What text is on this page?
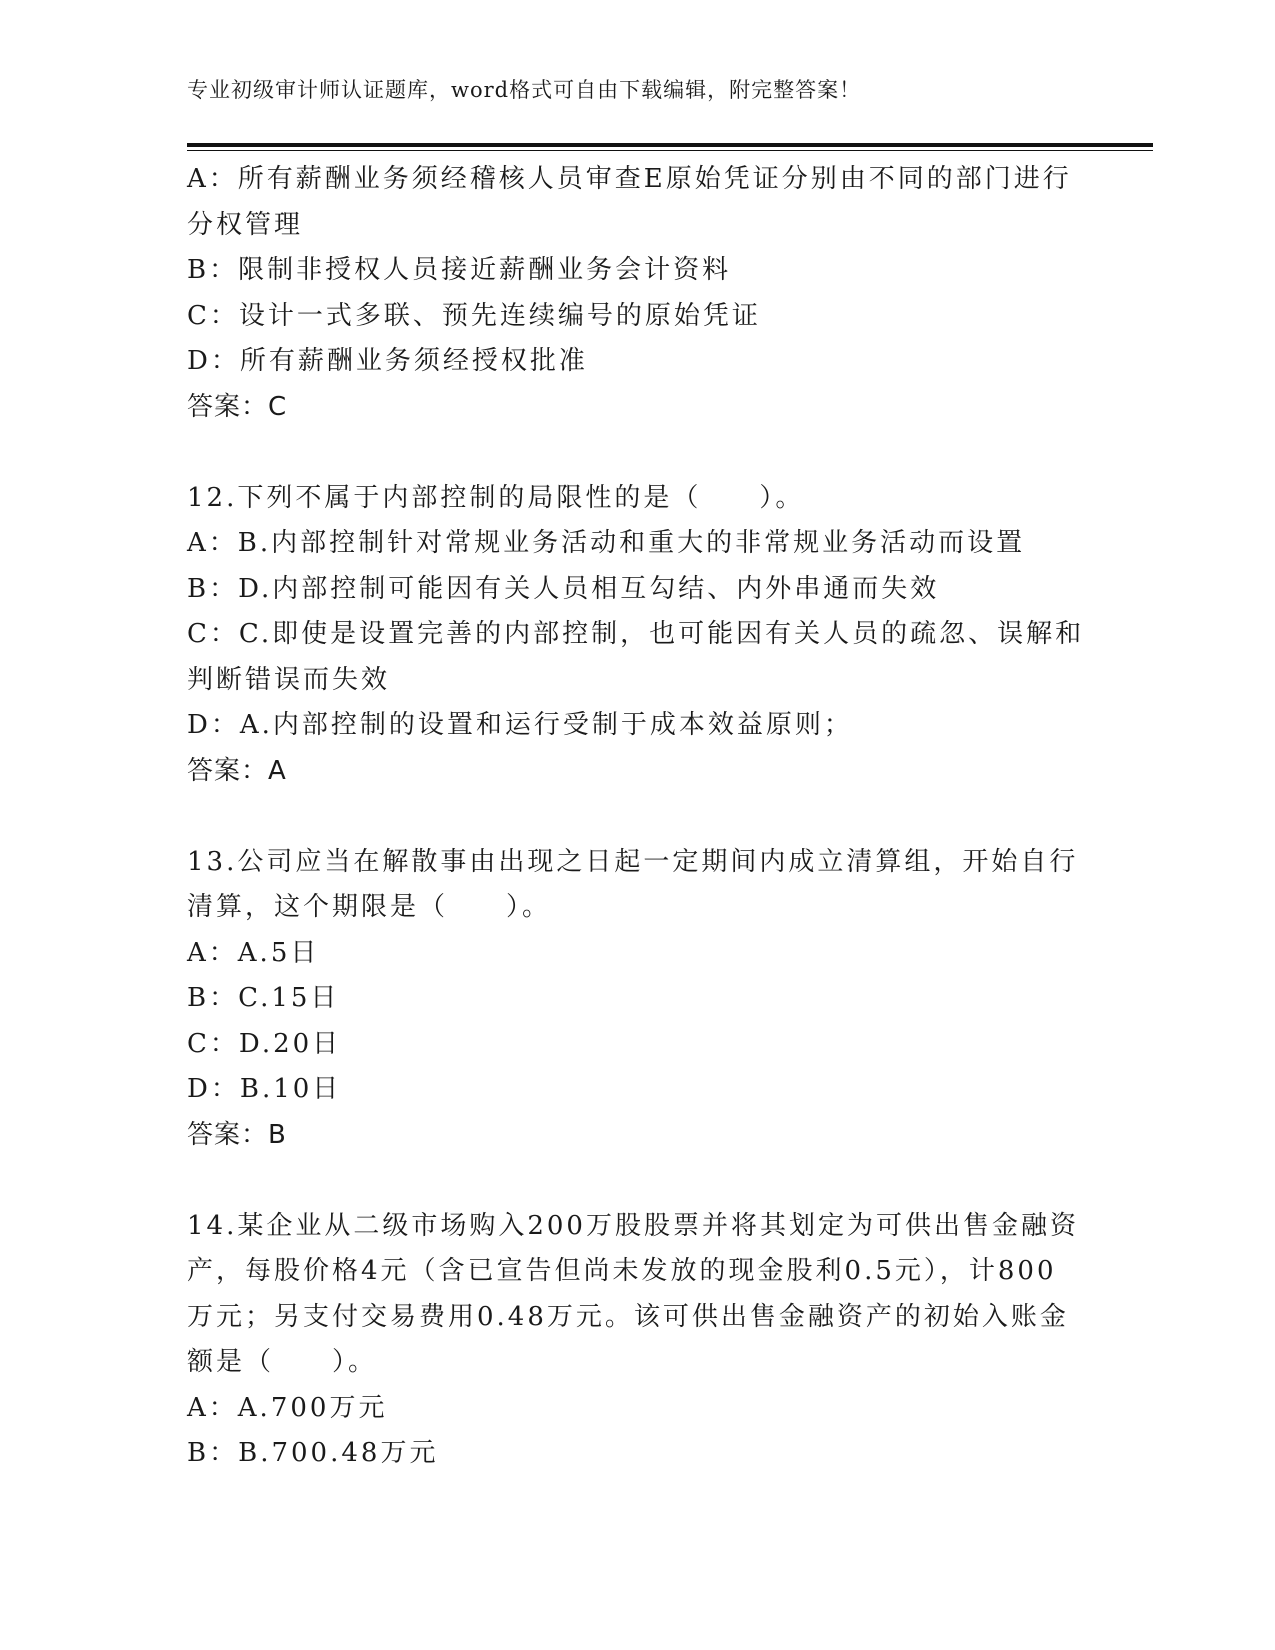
专业初级审计师认证题库，word格式可自由下载编辑，附完整答案！
A：所有薪酬业务须经稽核人员审查E原始凭证分别由不同的部门进行
分权管理
B：限制非授权人员接近薪酬业务会计资料
C：设计一式多联、预先连续编号的原始凭证
D：所有薪酬业务须经授权批准
答案：C
12.下列不属于内部控制的局限性的是（　　）。
A：B.内部控制针对常规业务活动和重大的非常规业务活动而设置
B：D.内部控制可能因有关人员相互勾结、内外串通而失效
C：C.即使是设置完善的内部控制，也可能因有关人员的疏忽、误解和
判断错误而失效
D：A.内部控制的设置和运行受制于成本效益原则；
答案：A
13.公司应当在解散事由出现之日起一定期间内成立清算组，开始自行
清算，这个期限是（　　）。
A：A.5日
B：C.15日
C：D.20日
D：B.10日
答案：B
14.某企业从二级市场购入200万股股票并将其划定为可供出售金融资
产，每股价格4元（含已宣告但尚未发放的现金股利0.5元），计800
万元；另支付交易费用0.48万元。该可供出售金融资产的初始入账金
额是（　　）。
A：A.700万元
B：B.700.48万元
